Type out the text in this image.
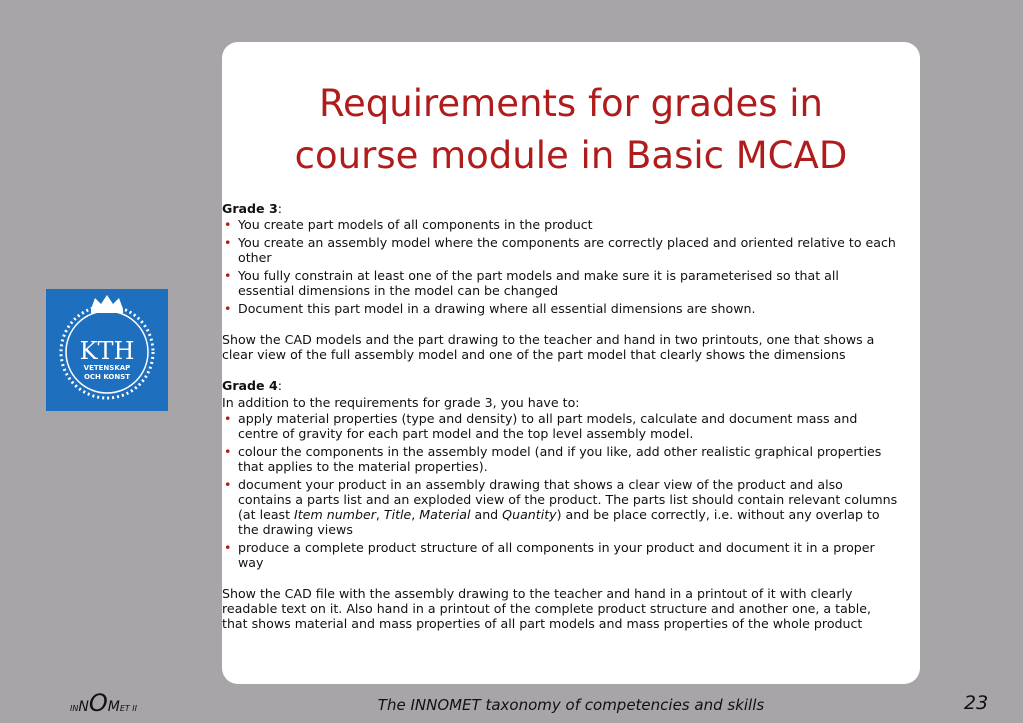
Requirements for grades in
course module in Basic MCAD
KTH
VETENSKAP
OCH KONST

Grade 3:

• You create part models of all components in the product
• You create an assembly model where the components are correctly placed and oriented relative to each other
• You fully constrain at least one of the part models and make sure it is parameterised so that all essential dimensions in the model can be changed
• Document this part model in a drawing where all essential dimensions are shown.

Show the CAD models and the part drawing to the teacher and hand in two printouts, one that shows a clear view of the full assembly model and one of the part model that clearly shows the dimensions

Grade 4:

In addition to the requirements for grade 3, you have to:

• apply material properties (type and density) to all part models, calculate and document mass and centre of gravity for each part model and the top level assembly model.
• colour the components in the assembly model (and if you like, add other realistic graphical properties that applies to the material properties).
• document your product in an assembly drawing that shows a clear view of the product and also contains a parts list and an exploded view of the product. The parts list should contain relevant columns (at least Item number, Title, Material and Quantity) and be place correctly, i.e. without any overlap to the drawing views
• produce a complete product structure of all components in your product and document it in a proper way

Show the CAD file with the assembly drawing to the teacher and hand in a printout of it with clearly readable text on it. Also hand in a printout of the complete product structure and another one, a table, that shows material and mass properties of all part models and mass properties of the whole product

INNOMET II	The INNOMET taxonomy of competencies and skills	23
